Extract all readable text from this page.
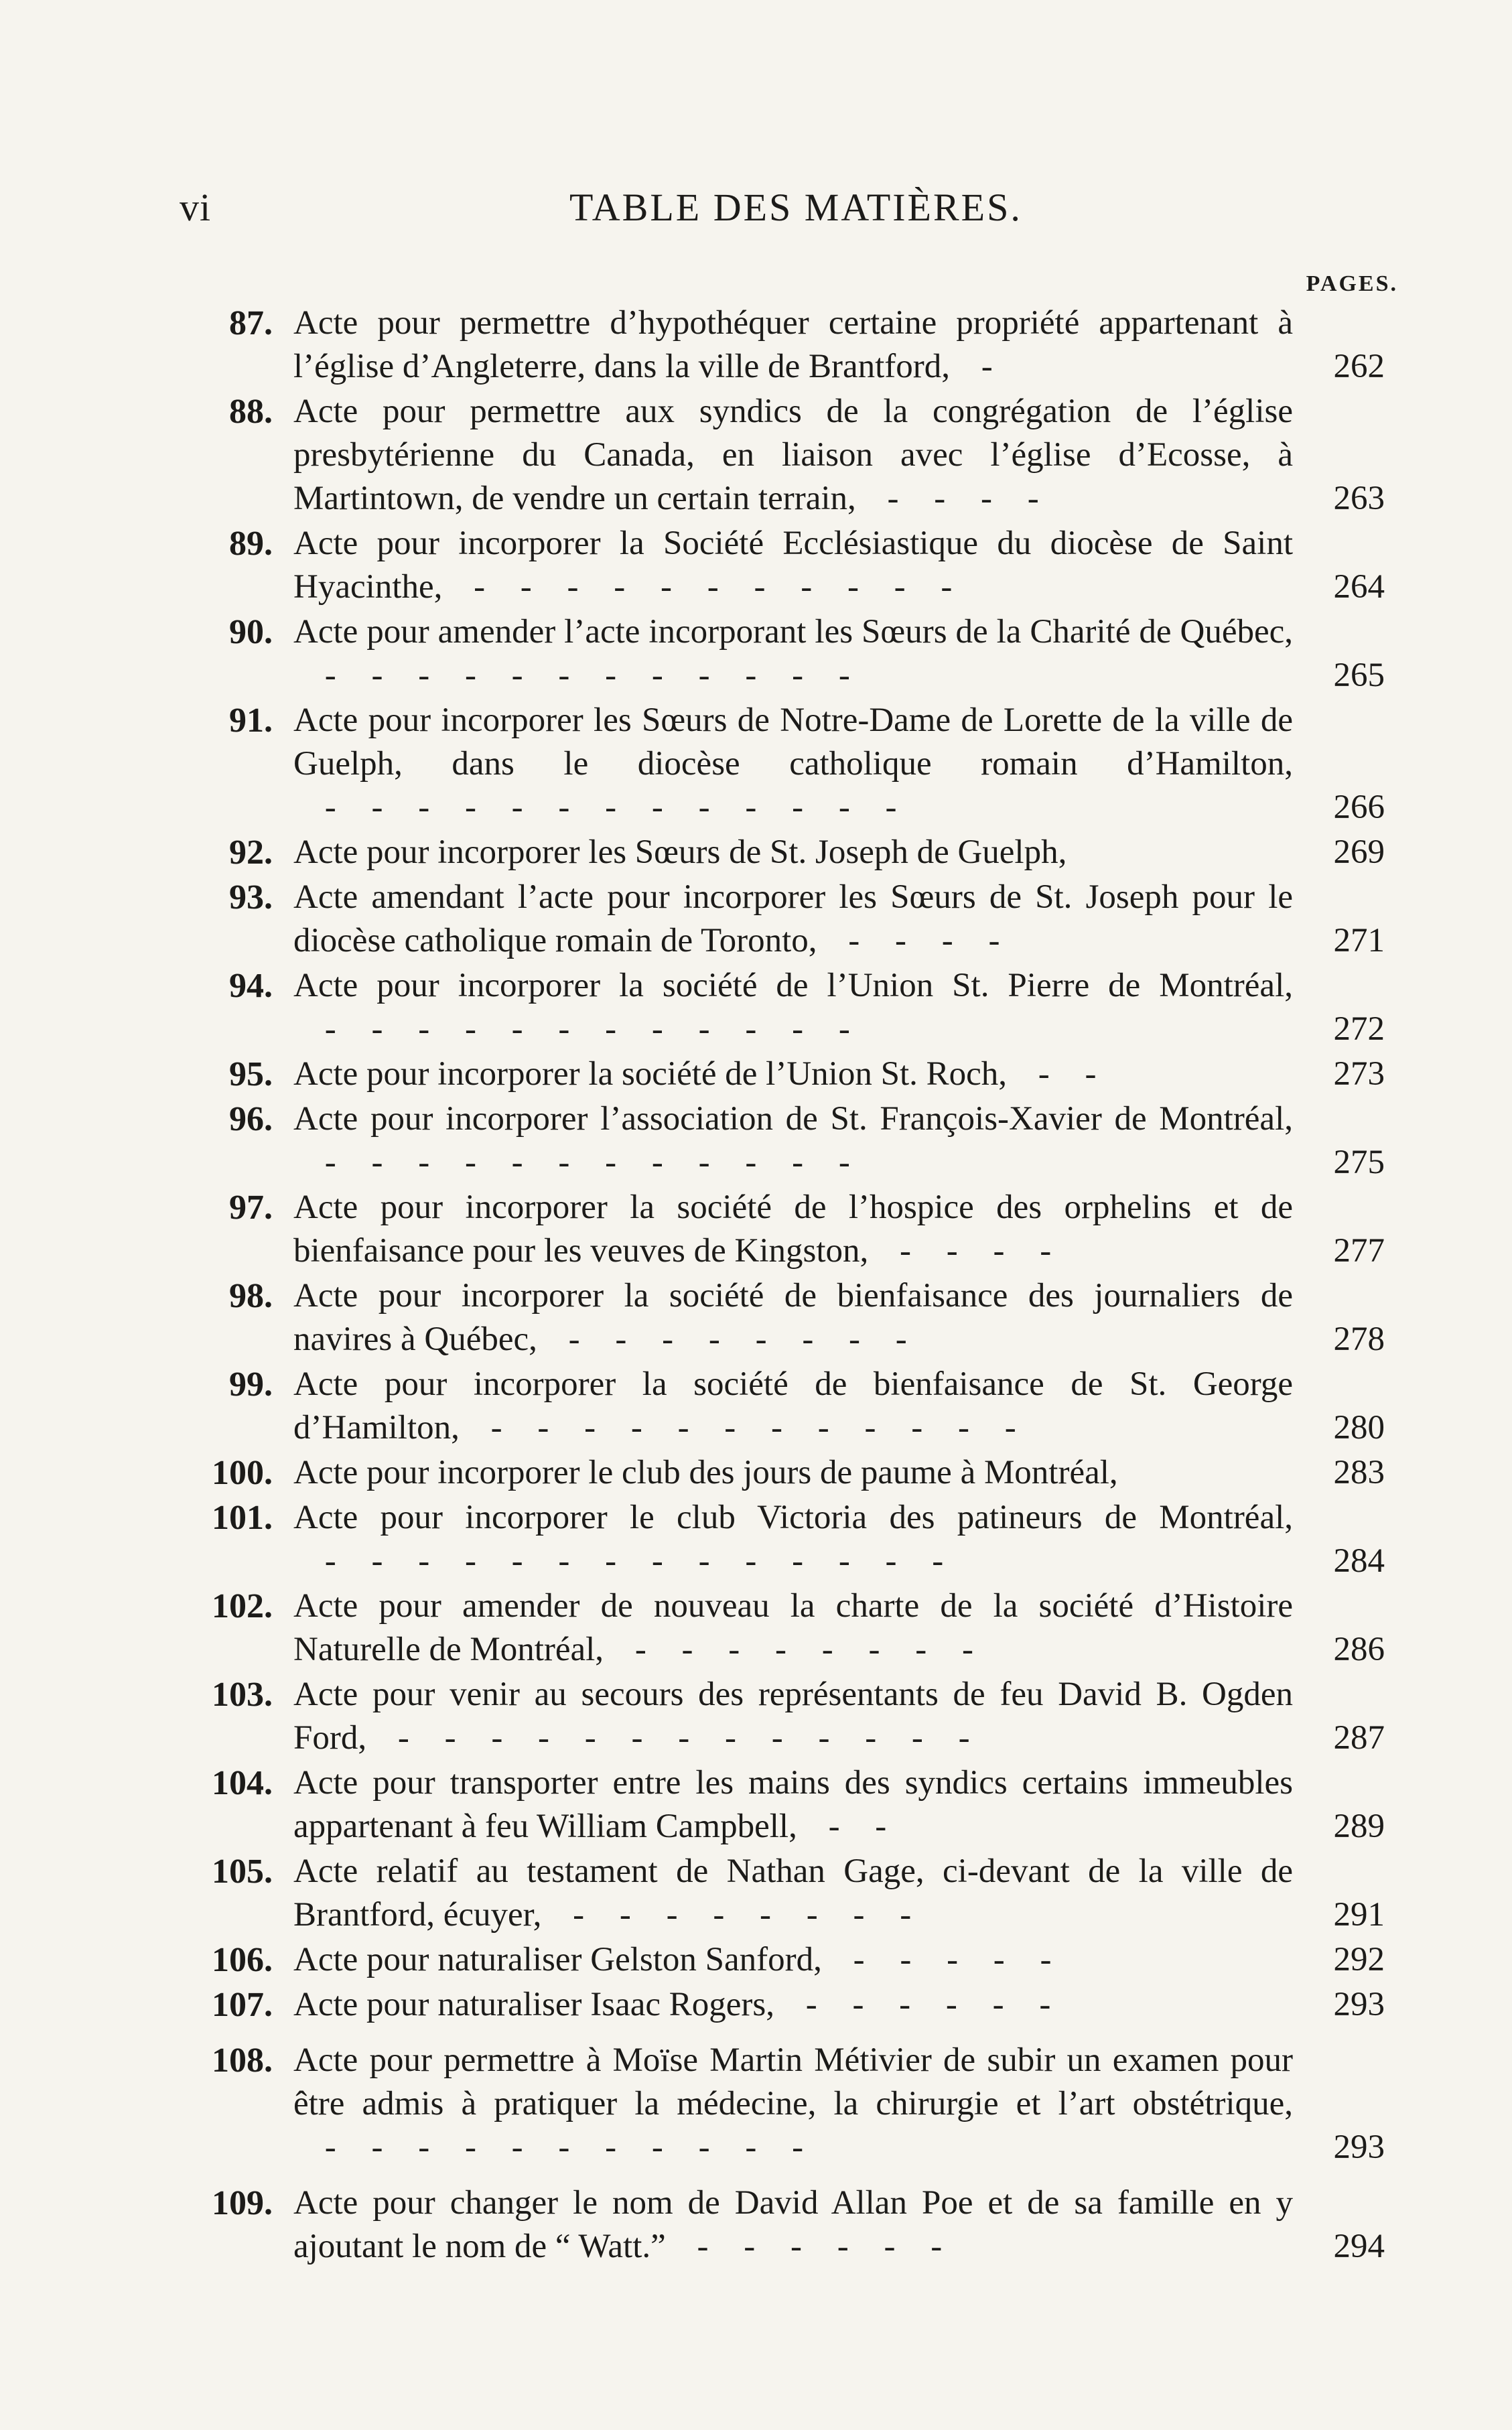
vi	TABLE DES MATIÈRES.
PAGES.
87. Acte pour permettre d’hypothéquer certaine propriété appartenant à l’église d’Angleterre, dans la ville de Brantford, -	262
88. Acte pour permettre aux syndics de la congrégation de l’église presbytérienne du Canada, en liaison avec l’église d’Ecosse, à Martintown, de vendre un certain terrain, - - - -	263
89. Acte pour incorporer la Société Ecclésiastique du diocèse de Saint Hyacinthe, - - - - - - - - - - -	264
90. Acte pour amender l’acte incorporant les Sœurs de la Charité de Québec, - - - - - - - - - - - -	265
91. Acte pour incorporer les Sœurs de Notre-Dame de Lorette de la ville de Guelph, dans le diocèse catholique romain d’Hamilton, - - - - - - - - - - - - -	266
92. Acte pour incorporer les Sœurs de St. Joseph de Guelph,	269
93. Acte amendant l’acte pour incorporer les Sœurs de St. Joseph pour le diocèse catholique romain de Toronto, - - - -	271
94. Acte pour incorporer la société de l’Union St. Pierre de Montréal, - - - - - - - - - - - -	272
95. Acte pour incorporer la société de l’Union St. Roch, - -	273
96. Acte pour incorporer l’association de St. François-Xavier de Montréal, - - - - - - - - - - - -	275
97. Acte pour incorporer la société de l’hospice des orphelins et de bienfaisance pour les veuves de Kingston, - - - -	277
98. Acte pour incorporer la société de bienfaisance des journaliers de navires à Québec, - - - - - - - -	278
99. Acte pour incorporer la société de bienfaisance de St. George d’Hamilton, - - - - - - - - - - - -	280
100. Acte pour incorporer le club des jours de paume à Montréal,	283
101. Acte pour incorporer le club Victoria des patineurs de Montréal, - - - - - - - - - - - - - -	284
102. Acte pour amender de nouveau la charte de la société d’Histoire Naturelle de Montréal, - - - - - - - -	286
103. Acte pour venir au secours des représentants de feu David B. Ogden Ford, - - - - - - - - - - - - -	287
104. Acte pour transporter entre les mains des syndics certains immeubles appartenant à feu William Campbell, - -	289
105. Acte relatif au testament de Nathan Gage, ci-devant de la ville de Brantford, écuyer, - - - - - - - -	291
106. Acte pour naturaliser Gelston Sanford, - - - - -	292
107. Acte pour naturaliser Isaac Rogers, - - - - - -	293
108. Acte pour permettre à Moïse Martin Métivier de subir un examen pour être admis à pratiquer la médecine, la chirurgie et l’art obstétrique, - - - - - - - - - - -	293
109. Acte pour changer le nom de David Allan Poe et de sa famille en y ajoutant le nom de “ Watt.” - - - - - -	294
